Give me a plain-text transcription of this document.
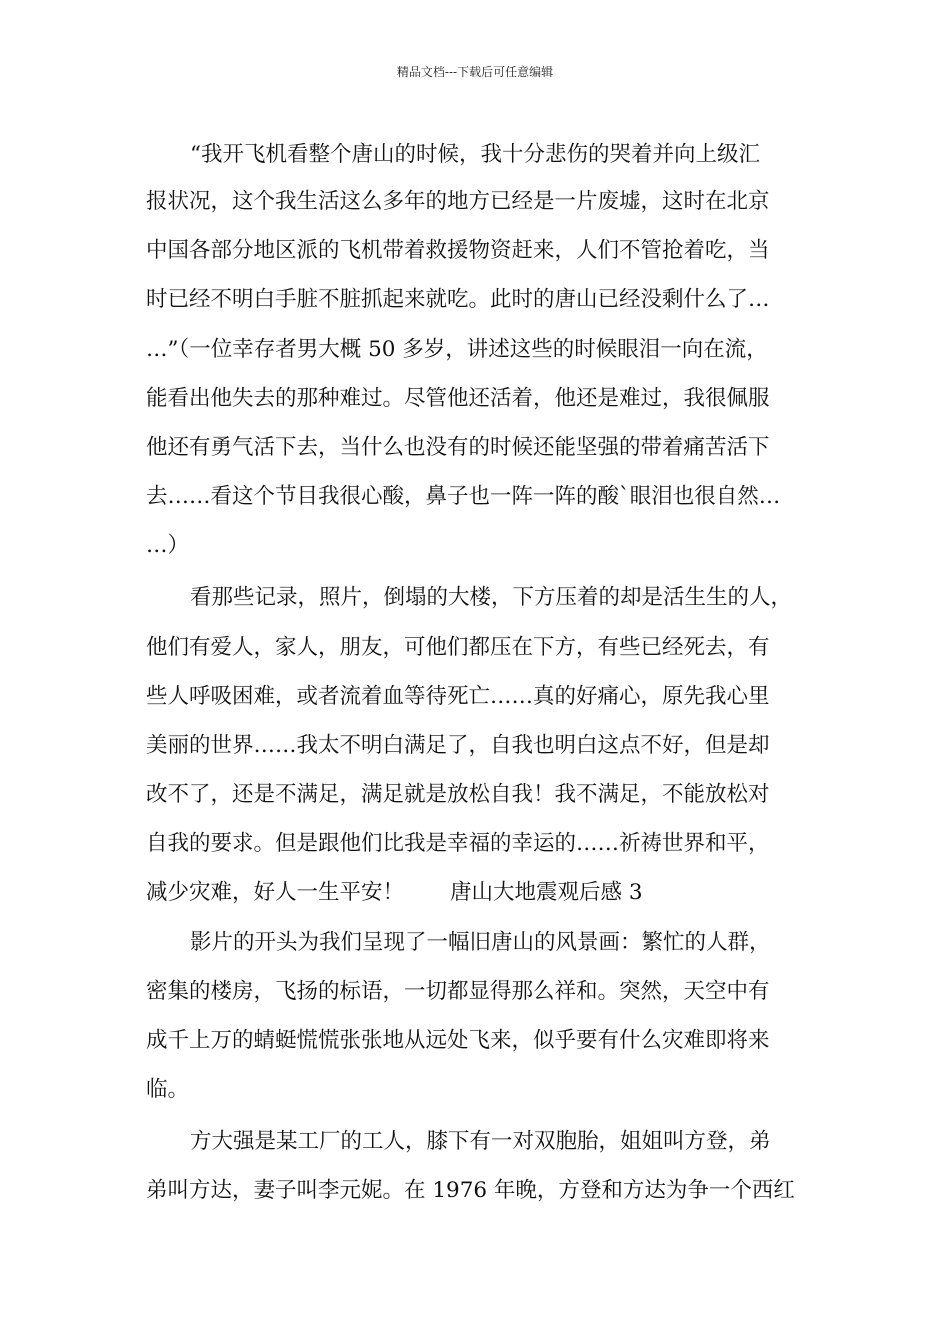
精品文档---下载后可任意编辑

“我开飞机看整个唐山的时候，我十分悲伤的哭着并向上级汇

报状况，这个我生活这么多年的地方已经是一片废墟，这时在北京

中国各部分地区派的飞机带着救援物资赶来，人们不管抢着吃，当

时已经不明白手脏不脏抓起来就吃。此时的唐山已经没剩什么了…

…”（一位幸存者男大概 50 多岁，讲述这些的时候眼泪一向在流，

能看出他失去的那种难过。尽管他还活着，他还是难过，我很佩服

他还有勇气活下去，当什么也没有的时候还能坚强的带着痛苦活下

去……看这个节目我很心酸，鼻子也一阵一阵的酸`眼泪也很自然…

…）

看那些记录，照片，倒塌的大楼，下方压着的却是活生生的人，

他们有爱人，家人，朋友，可他们都压在下方，有些已经死去，有

些人呼吸困难，或者流着血等待死亡……真的好痛心，原先我心里

美丽的世界……我太不明白满足了，自我也明白这点不好，但是却

改不了，还是不满足，满足就是放松自我！我不满足，不能放松对

自我的要求。但是跟他们比我是幸福的幸运的……祈祷世界和平，

减少灾难，好人一生平安！ 唐山大地震观后感 3

影片的开头为我们呈现了一幅旧唐山的风景画：繁忙的人群，

密集的楼房，飞扬的标语，一切都显得那么祥和。突然，天空中有

成千上万的蜻蜓慌慌张张地从远处飞来，似乎要有什么灾难即将来

临。

方大强是某工厂的工人，膝下有一对双胞胎，姐姐叫方登，弟

弟叫方达，妻子叫李元妮。在 1976 年晚，方登和方达为争一个西红
